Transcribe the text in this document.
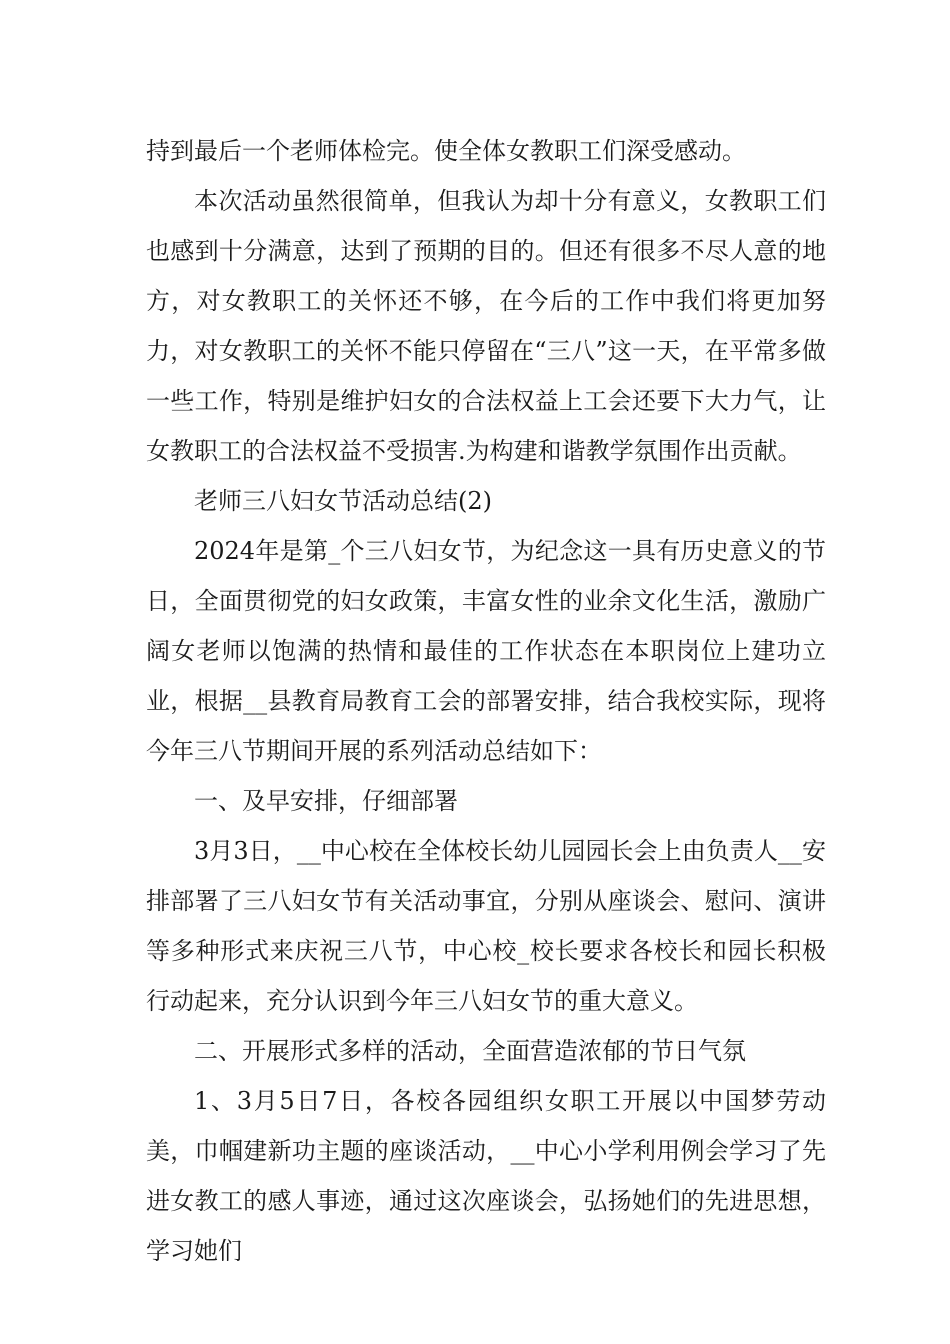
持到最后一个老师体检完。使全体女教职工们深受感动。

本次活动虽然很简单，但我认为却十分有意义，女教职工们也感到十分满意，达到了预期的目的。但还有很多不尽人意的地方，对女教职工的关怀还不够，在今后的工作中我们将更加努力，对女教职工的关怀不能只停留在“三八”这一天，在平常多做一些工作，特别是维护妇女的合法权益上工会还要下大力气，让女教职工的合法权益不受损害.为构建和谐教学氛围作出贡献。

老师三八妇女节活动总结(2)

2024年是第_个三八妇女节，为纪念这一具有历史意义的节日，全面贯彻党的妇女政策，丰富女性的业余文化生活，激励广阔女老师以饱满的热情和最佳的工作状态在本职岗位上建功立业，根据__县教育局教育工会的部署安排，结合我校实际，现将今年三八节期间开展的系列活动总结如下：

一、及早安排，仔细部署

3月3日，__中心校在全体校长幼儿园园长会上由负责人__安排部署了三八妇女节有关活动事宜，分别从座谈会、慰问、演讲等多种形式来庆祝三八节，中心校_校长要求各校长和园长积极行动起来，充分认识到今年三八妇女节的重大意义。

二、开展形式多样的活动，全面营造浓郁的节日气氛

1、3月5日7日，各校各园组织女职工开展以中国梦劳动美，巾帼建新功主题的座谈活动，__中心小学利用例会学习了先进女教工的感人事迹，通过这次座谈会，弘扬她们的先进思想，学习她们
